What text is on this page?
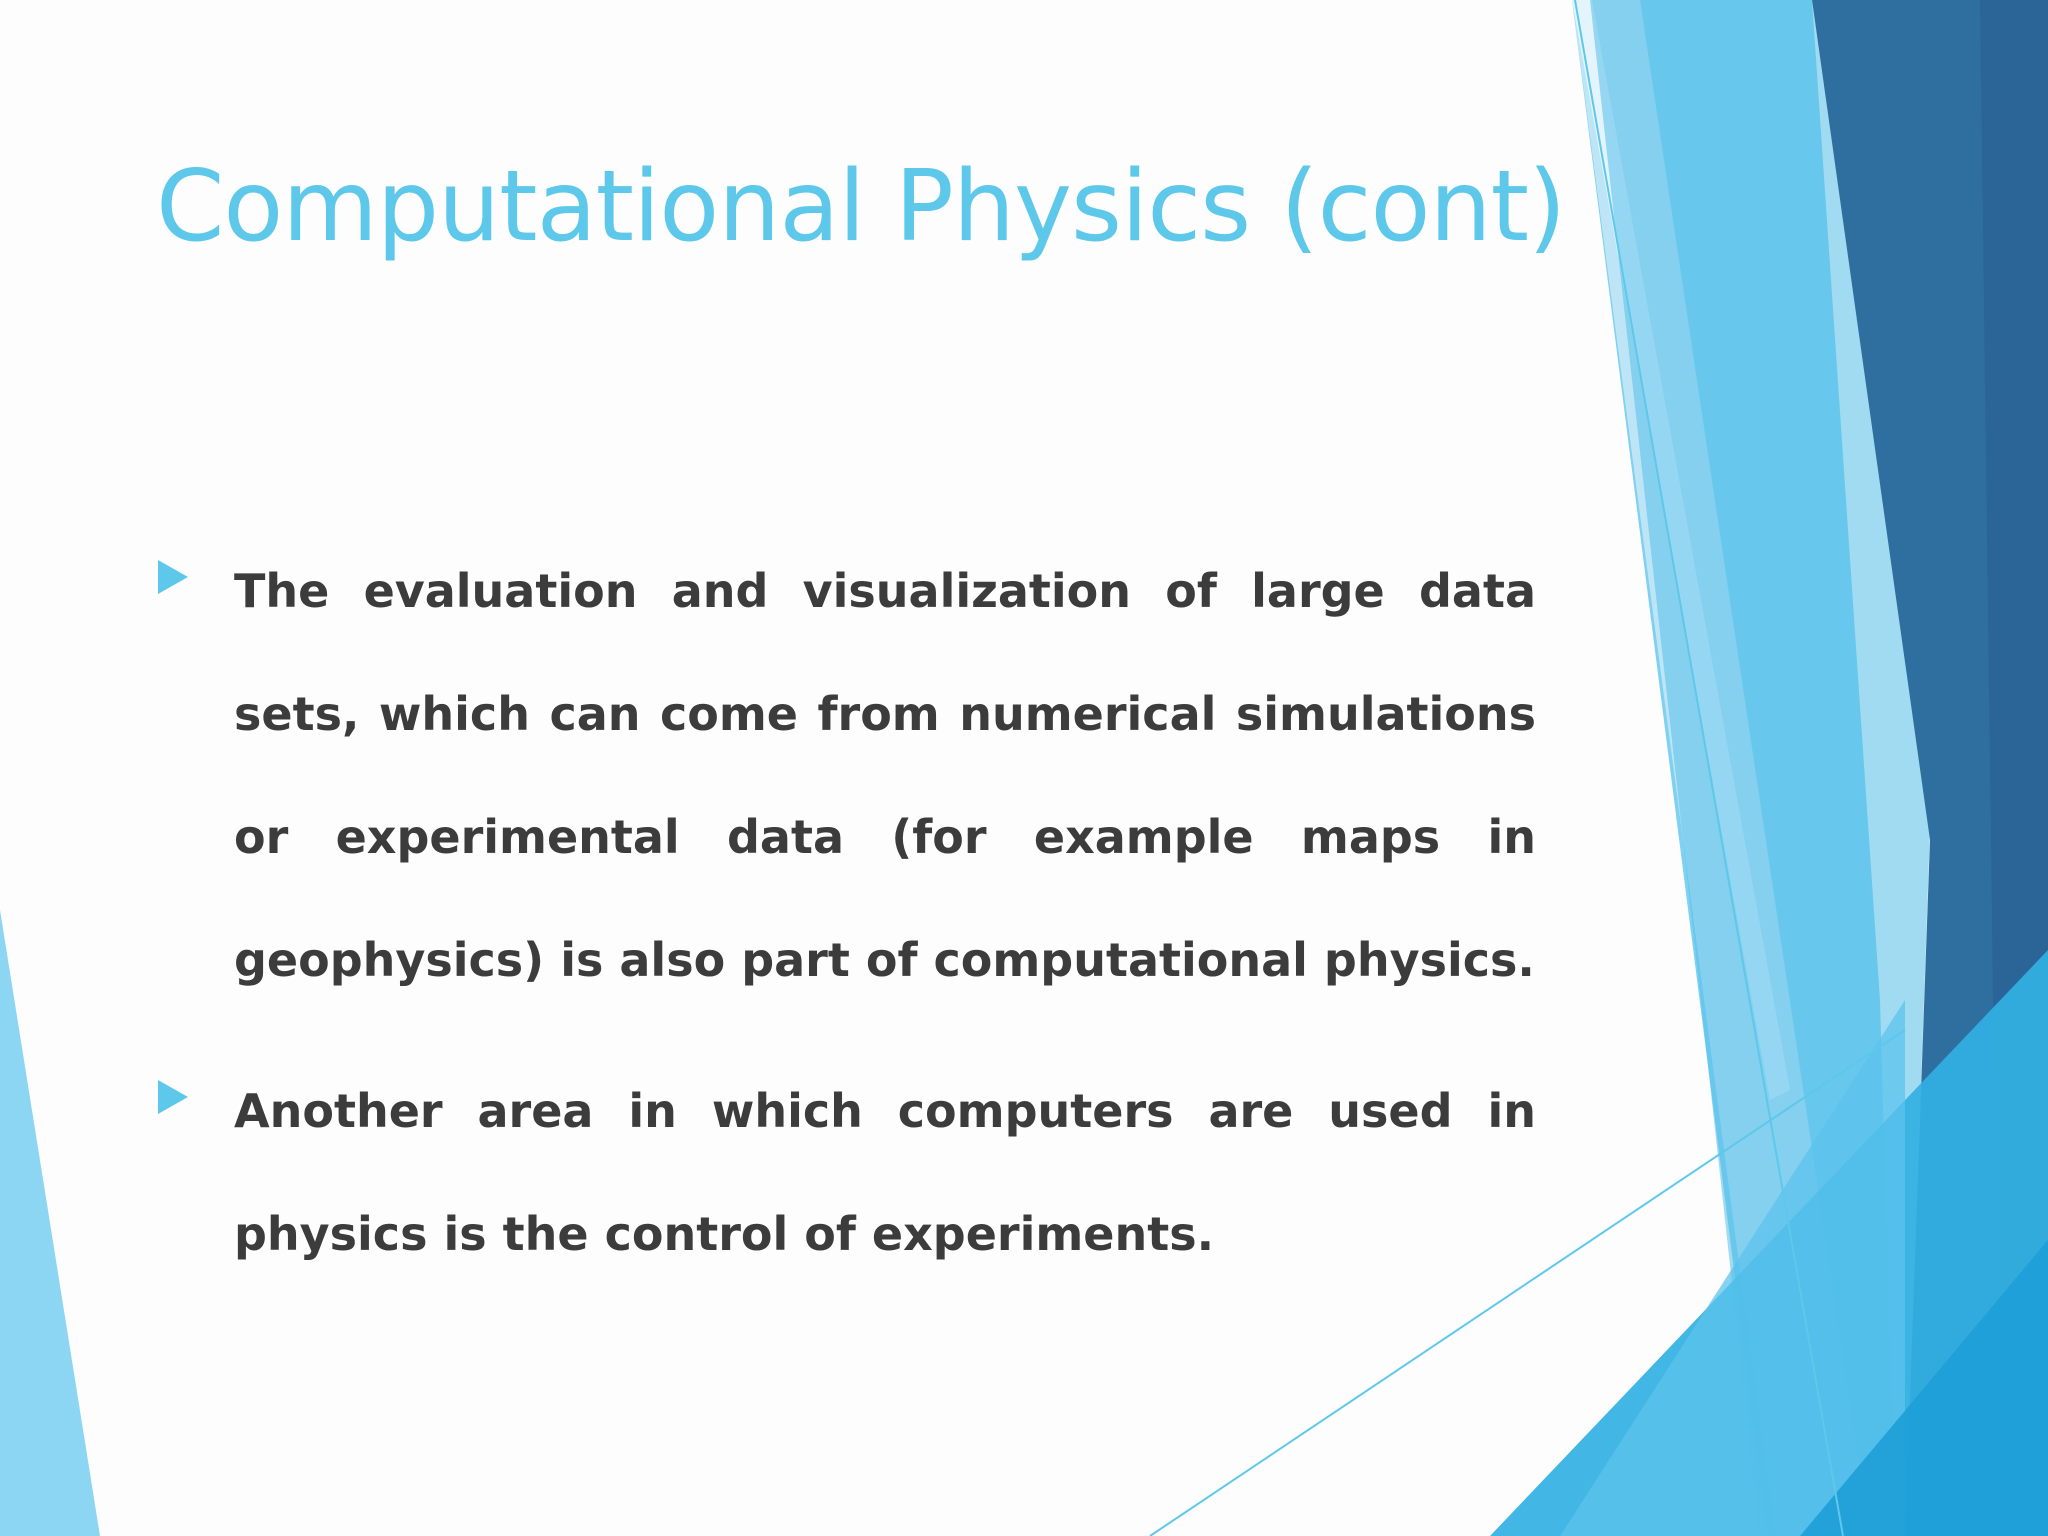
Computational Physics (cont)
The evaluation and visualization of large data sets, which can come from numerical simulations or experimental data (for example maps in geophysics) is also part of computational physics.
Another area in which computers are used in physics is the control of experiments.
